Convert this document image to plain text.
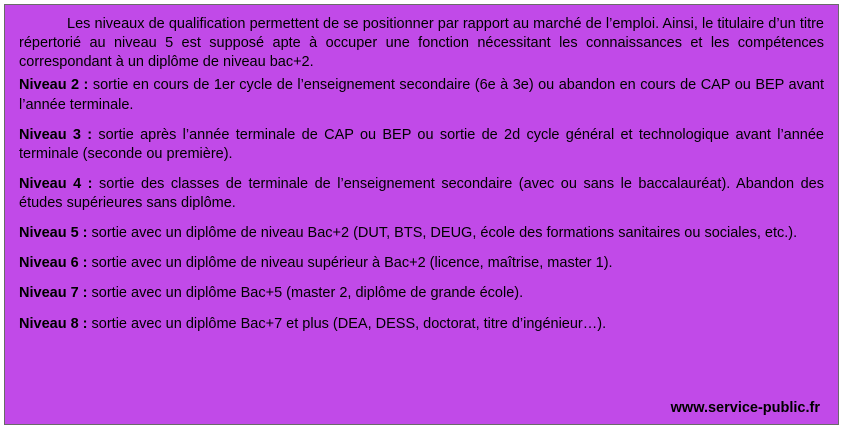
Les niveaux de qualification permettent de se positionner par rapport au marché de l’emploi. Ainsi, le titulaire d’un titre répertorié au niveau 5 est supposé apte à occuper une fonction nécessitant les connaissances et les compétences correspondant à un diplôme de niveau bac+2.

Niveau 2 : sortie en cours de 1er cycle de l’enseignement secondaire (6e à 3e) ou abandon en cours de CAP ou BEP avant l’année terminale.

Niveau 3 : sortie après l’année terminale de CAP ou BEP ou sortie de 2d cycle général et technologique avant l’année terminale (seconde ou première).

Niveau 4 : sortie des classes de terminale de l’enseignement secondaire (avec ou sans le baccalauréat). Abandon des études supérieures sans diplôme.

Niveau 5 : sortie avec un diplôme de niveau Bac+2 (DUT, BTS, DEUG, école des formations sanitaires ou sociales, etc.).

Niveau 6 : sortie avec un diplôme de niveau supérieur à Bac+2 (licence, maîtrise, master 1).

Niveau 7 : sortie avec un diplôme Bac+5 (master 2, diplôme de grande école).

Niveau 8 : sortie avec un diplôme Bac+7 et plus (DEA, DESS, doctorat, titre d’ingénieur…).

www.service-public.fr
